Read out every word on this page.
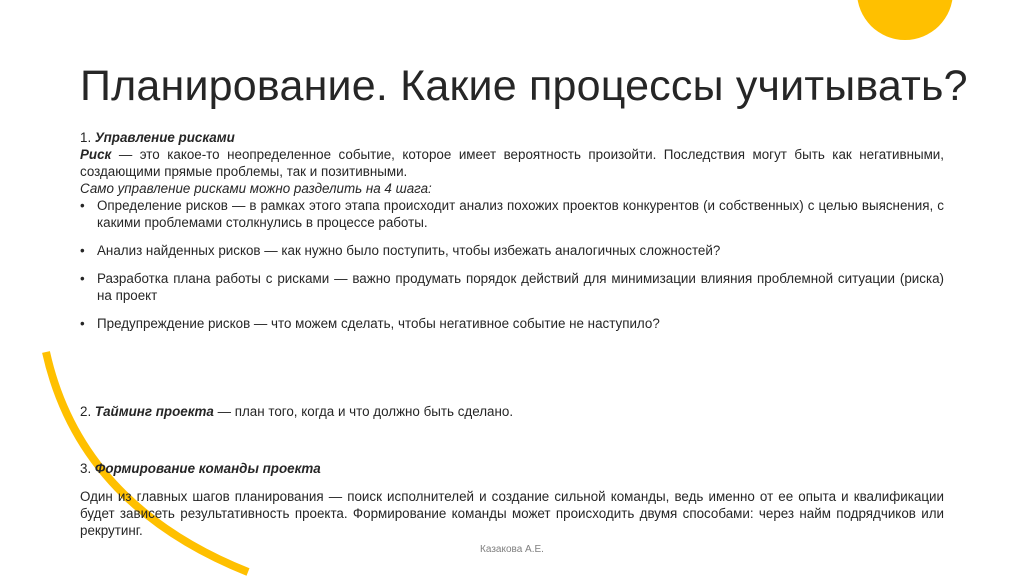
Планирование. Какие процессы учитывать?

1. Управление рисками

Риск — это какое-то неопределенное событие, которое имеет вероятность произойти. Последствия могут быть как негативными, создающими прямые проблемы, так и позитивными.

Само управление рисками можно разделить на 4 шага:

• Определение рисков — в рамках этого этапа происходит анализ похожих проектов конкурентов (и собственных) с целью выяснения, с какими проблемами столкнулись в процессе работы.
• Анализ найденных рисков — как нужно было поступить, чтобы избежать аналогичных сложностей?
• Разработка плана работы с рисками — важно продумать порядок действий для минимизации влияния проблемной ситуации (риска) на проект
• Предупреждение рисков — что можем сделать, чтобы негативное событие не наступило?

2. Тайминг проекта — план того, когда и что должно быть сделано.

3. Формирование команды проекта

Один из главных шагов планирования — поиск исполнителей и создание сильной команды, ведь именно от ее опыта и квалификации будет зависеть результативность проекта. Формирование команды может происходить двумя способами: через найм подрядчиков или рекрутинг.

Казакова А.Е.
